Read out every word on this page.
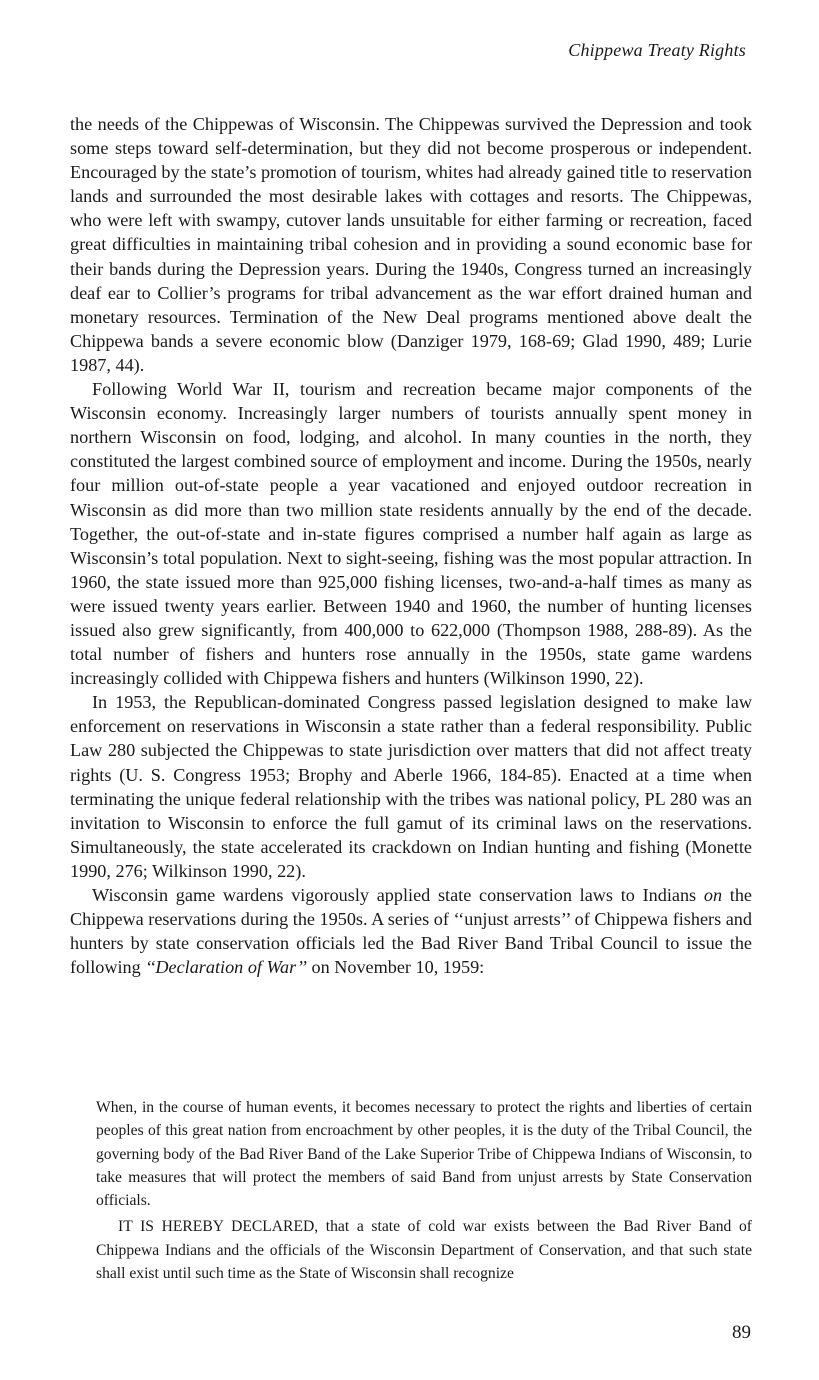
Chippewa Treaty Rights

the needs of the Chippewas of Wisconsin. The Chippewas survived the Depression and took some steps toward self-determination, but they did not become prosperous or independent. Encouraged by the state’s promotion of tourism, whites had already gained title to reservation lands and surrounded the most desirable lakes with cottages and resorts. The Chippewas, who were left with swampy, cutover lands unsuitable for either farming or recreation, faced great difficulties in maintaining tribal cohesion and in providing a sound economic base for their bands during the Depression years. During the 1940s, Congress turned an increasingly deaf ear to Collier’s programs for tribal advancement as the war effort drained human and monetary resources. Termination of the New Deal programs mentioned above dealt the Chippewa bands a severe economic blow (Danziger 1979, 168-69; Glad 1990, 489; Lurie 1987, 44).

Following World War II, tourism and recreation became major components of the Wisconsin economy. Increasingly larger numbers of tourists annually spent money in northern Wisconsin on food, lodging, and alcohol. In many counties in the north, they constituted the largest combined source of employment and income. During the 1950s, nearly four million out-of-state people a year vacationed and enjoyed outdoor recreation in Wisconsin as did more than two million state residents annually by the end of the decade. Together, the out-of-state and in-state figures comprised a number half again as large as Wisconsin’s total population. Next to sight-seeing, fishing was the most popular attraction. In 1960, the state issued more than 925,000 fishing licenses, two-and-a-half times as many as were issued twenty years earlier. Between 1940 and 1960, the number of hunting licenses issued also grew significantly, from 400,000 to 622,000 (Thompson 1988, 288-89). As the total number of fishers and hunters rose annually in the 1950s, state game wardens increasingly collided with Chippewa fishers and hunters (Wilkinson 1990, 22).

In 1953, the Republican-dominated Congress passed legislation designed to make law enforcement on reservations in Wisconsin a state rather than a federal responsibility. Public Law 280 subjected the Chippewas to state jurisdiction over matters that did not affect treaty rights (U. S. Congress 1953; Brophy and Aberle 1966, 184-85). Enacted at a time when terminating the unique federal relationship with the tribes was national policy, PL 280 was an invitation to Wisconsin to enforce the full gamut of its criminal laws on the reservations. Simultaneously, the state accelerated its crackdown on Indian hunting and fishing (Monette 1990, 276; Wilkinson 1990, 22).

Wisconsin game wardens vigorously applied state conservation laws to Indians on the Chippewa reservations during the 1950s. A series of ‘‘unjust arrests’’ of Chippewa fishers and hunters by state conservation officials led the Bad River Band Tribal Council to issue the following ‘‘Declaration of War’’ on November 10, 1959:

When, in the course of human events, it becomes necessary to protect the rights and liberties of certain peoples of this great nation from encroachment by other peoples, it is the duty of the Tribal Council, the governing body of the Bad River Band of the Lake Superior Tribe of Chippewa Indians of Wisconsin, to take measures that will protect the members of said Band from unjust arrests by State Conservation officials.

IT IS HEREBY DECLARED, that a state of cold war exists between the Bad River Band of Chippewa Indians and the officials of the Wisconsin Department of Conservation, and that such state shall exist until such time as the State of Wisconsin shall recognize

89
